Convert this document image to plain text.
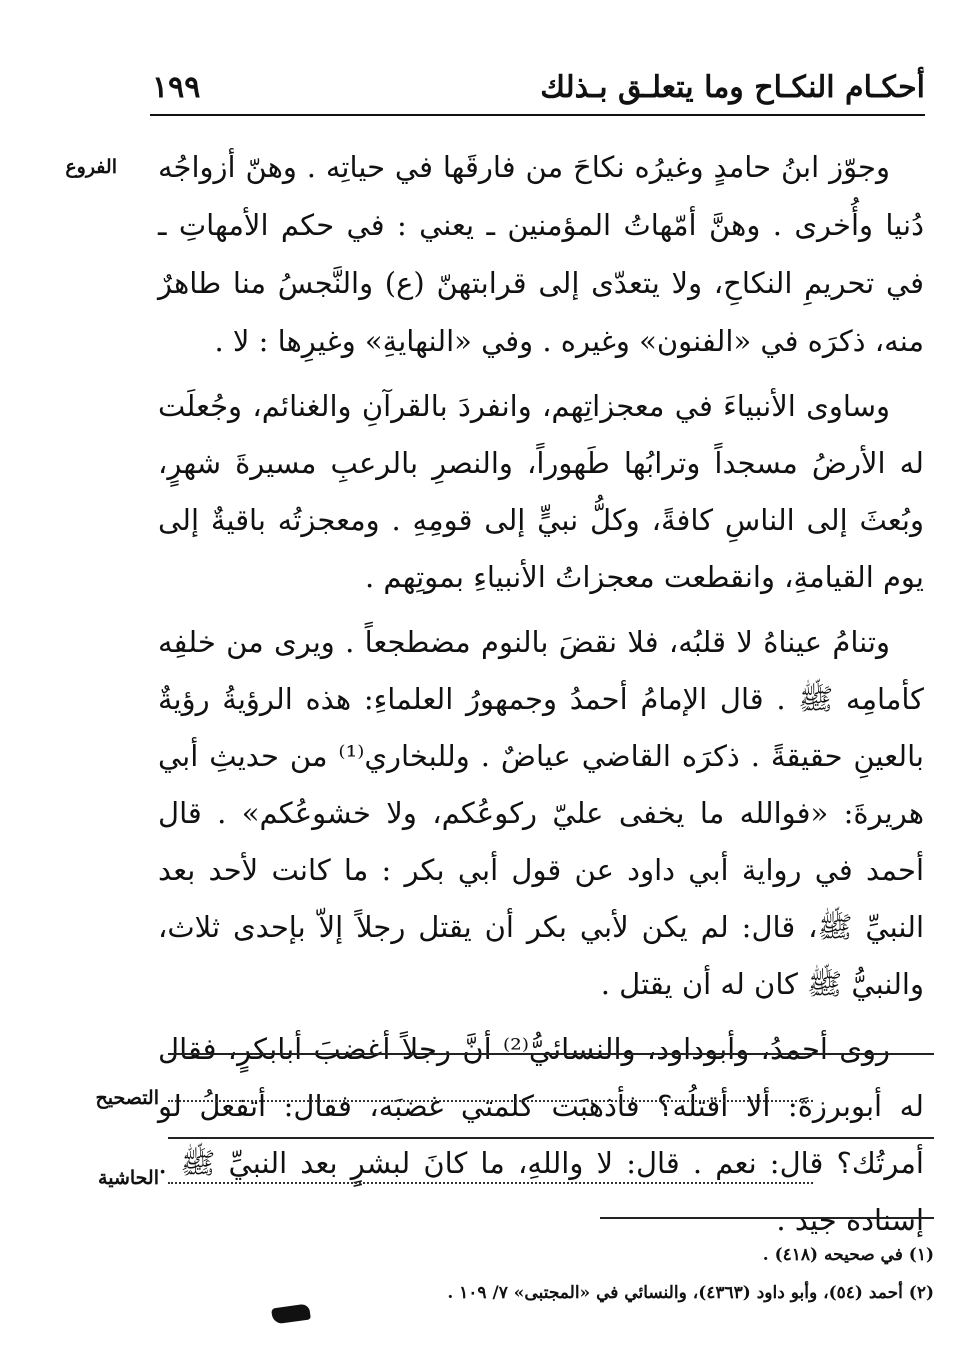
١٩٩	أحكـام النكـاح وما يتعلـق بـذلك
الفروع وجوّز ابنُ حامدٍ وغيرُه نكاحَ من فارقَها في حياتِه . وهنّ أزواجُه دُنيا وأُخرى . وهنَّ أمّهاتُ المؤمنين ـ يعني : في حكم الأمهاتِ ـ في تحريمِ النكاحِ، ولا يتعدّى إلى قرابتهنّ (ع) والنَّجسُ منا طاهرٌ منه، ذكرَه في «الفنون» وغيره . وفي «النهايةِ» وغيرِها : لا .

وساوى الأنبياءَ في معجزاتِهم، وانفردَ بالقرآنِ والغنائم، وجُعلَت له الأرضُ مسجداً وترابُها طَهوراً، والنصرِ بالرعبِ مسيرةَ شهرٍ، وبُعثَ إلى الناسِ كافةً، وكلُّ نبيٍّ إلى قومِهِ . ومعجزتُه باقيةٌ إلى يوم القيامةِ، وانقطعت معجزاتُ الأنبياءِ بموتِهم .

وتنامُ عيناهُ لا قلبُه، فلا نقضَ بالنوم مضطجعاً . ويرى من خلفِه كأمامِه ﷺ . قال الإمامُ أحمدُ وجمهورُ العلماءِ: هذه الرؤيةُ رؤيةٌ بالعينِ حقيقةً . ذكرَه القاضي عياضٌ . وللبخاري⁽¹⁾ من حديثِ أبي هريرةَ: «فوالله ما يخفى عليّ ركوعُكم، ولا خشوعُكم» . قال أحمد في رواية أبي داود عن قول أبي بكر : ما كانت لأحد بعد النبيِّ ﷺ، قال: لم يكن لأبي بكر أن يقتل رجلاً إلاّ بإحدى ثلاث، والنبيُّ ﷺ كان له أن يقتل .

روى أحمدُ، وأبوداود، والنسائيُّ⁽²⁾ أنَّ رجلاً أغضبَ أبابكرٍ، فقال له أبوبرزةَ: ألا أقتلُه؟ فأذهبَت كلمتي غضبَه، فقال: أتفعلُ لو أمرتُك؟ قال: نعم . قال: لا واللهِ، ما كانَ لبشرٍ بعد النبيِّ ﷺ . إسناده جيد .

التصحيح
الحاشية
(١) في صحيحه (٤١٨) .
(٢) أحمد (٥٤)، وأبو داود (٤٣٦٣)، والنسائي في «المجتبى» ٧/ ١٠٩ .
